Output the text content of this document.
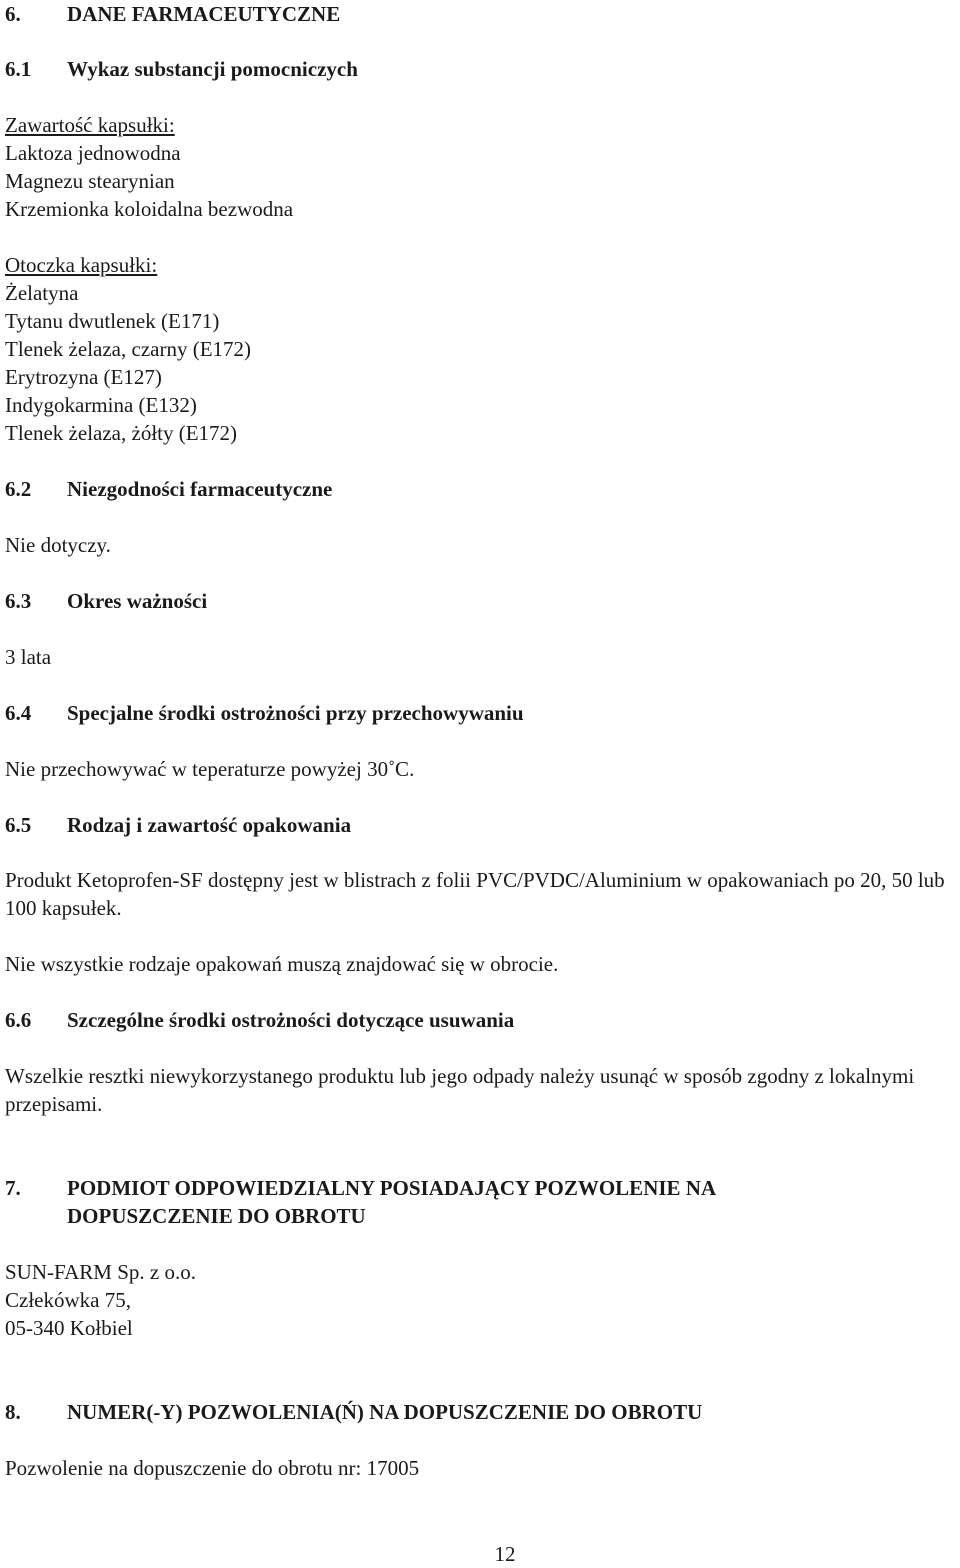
6. DANE FARMACEUTYCZNE

6.1 Wykaz substancji pomocniczych

Zawartość kapsułki:

Laktoza jednowodna

Magnezu stearynian

Krzemionka koloidalna bezwodna

Otoczka kapsułki:

Żelatyna

Tytanu dwutlenek (E171)

Tlenek żelaza, czarny (E172)

Erytrozyna (E127)

Indygokarmina (E132)

Tlenek żelaza, żółty (E172)

6.2 Niezgodności farmaceutyczne

Nie dotyczy.

6.3 Okres ważności

3 lata

6.4 Specjalne środki ostrożności przy przechowywaniu

Nie przechowywać w teperaturze powyżej 30˚C.

6.5 Rodzaj i zawartość opakowania

Produkt Ketoprofen-SF dostępny jest w blistrach z folii PVC/PVDC/Aluminium w opakowaniach po 20, 50 lub 100 kapsułek.

Nie wszystkie rodzaje opakowań muszą znajdować się w obrocie.

6.6 Szczególne środki ostrożności dotyczące usuwania

Wszelkie resztki niewykorzystanego produktu lub jego odpady należy usunąć w sposób zgodny z lokalnymi przepisami.

7. PODMIOT ODPOWIEDZIALNY POSIADAJĄCY POZWOLENIE NA
DOPUSZCZENIE DO OBROTU

SUN-FARM Sp. z o.o.

Człekówka 75,

05-340 Kołbiel

8. NUMER(-Y) POZWOLENIA(Ń) NA DOPUSZCZENIE DO OBROTU

Pozwolenie na dopuszczenie do obrotu nr: 17005

12
